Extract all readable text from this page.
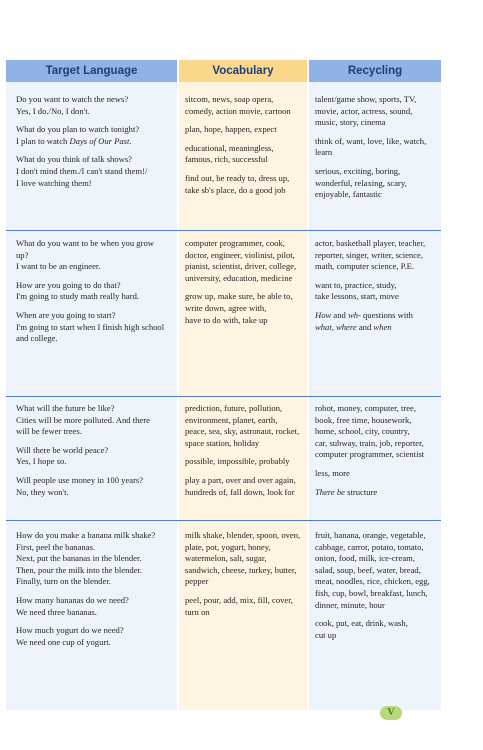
Target Language	Vocabulary	Recycling

Do you want to watch the news?
Yes, I do./No, I don't.

What do you plan to watch tonight?
I plan to watch Days of Our Past.

What do you think of talk shows?
I don't mind them./I can't stand them!/
I love watching them!

sitcom, news, soap opera,
comedy, action movie, cartoon

plan, hope, happen, expect

educational, meaningless,
famous, rich, successful

find out, be ready to, dress up,
take sb's place, do a good job

talent/game show, sports, TV,
movie, actor, actress, sound,
music, story, cinema

think of, want, love, like, watch,
learn

serious, exciting, boring,
wonderful, relaxing, scary,
enjoyable, fantastic

What do you want to be when you grow
up?
I want to be an engineer.

How are you going to do that?
I'm going to study math really hard.

When are you going to start?
I'm going to start when I finish high school
and college.

computer programmer, cook,
doctor, engineer, violinist, pilot,
pianist, scientist, driver, college,
university, education, medicine

grow up, make sure, be able to,
write down, agree with,
have to do with, take up

actor, basketball player, teacher,
reporter, singer, writer, science,
math, computer science, P.E.

want to, practice, study,
take lessons, start, move

How and wh- questions with
what, where and when

What will the future be like?
Cities will be more polluted. And there
will be fewer trees.

Will there be world peace?
Yes, I hope so.

Will people use money in 100 years?
No, they won't.

prediction, future, pollution,
environment, planet, earth,
peace, sea, sky, astronaut, rocket,
space station, holiday

possible, impossible, probably

play a part, over and over again,
hundreds of, fall down, look for

robot, money, computer, tree,
book, free time, housework,
home, school, city, country,
car, subway, train, job, reporter,
computer programmer, scientist

less, more

There be structure

How do you make a banana milk shake?
First, peel the bananas.
Next, put the bananas in the blender.
Then, pour the milk into the blender.
Finally, turn on the blender.

How many bananas do we need?
We need three bananas.

How much yogurt do we need?
We need one cup of yogurt.

milk shake, blender, spoon, oven,
plate, pot, yogurt, honey,
watermelon, salt, sugar,
sandwich, cheese, turkey, butter,
pepper

peel, pour, add, mix, fill, cover,
turn on

fruit, banana, orange, vegetable,
cabbage, carrot, potato, tomato,
onion, food, milk, ice-cream,
salad, soup, beef, water, bread,
meat, noodles, rice, chicken, egg,
fish, cup, bowl, breakfast, lunch,
dinner, minute, hour

cook, put, eat, drink, wash,
cut up

V
